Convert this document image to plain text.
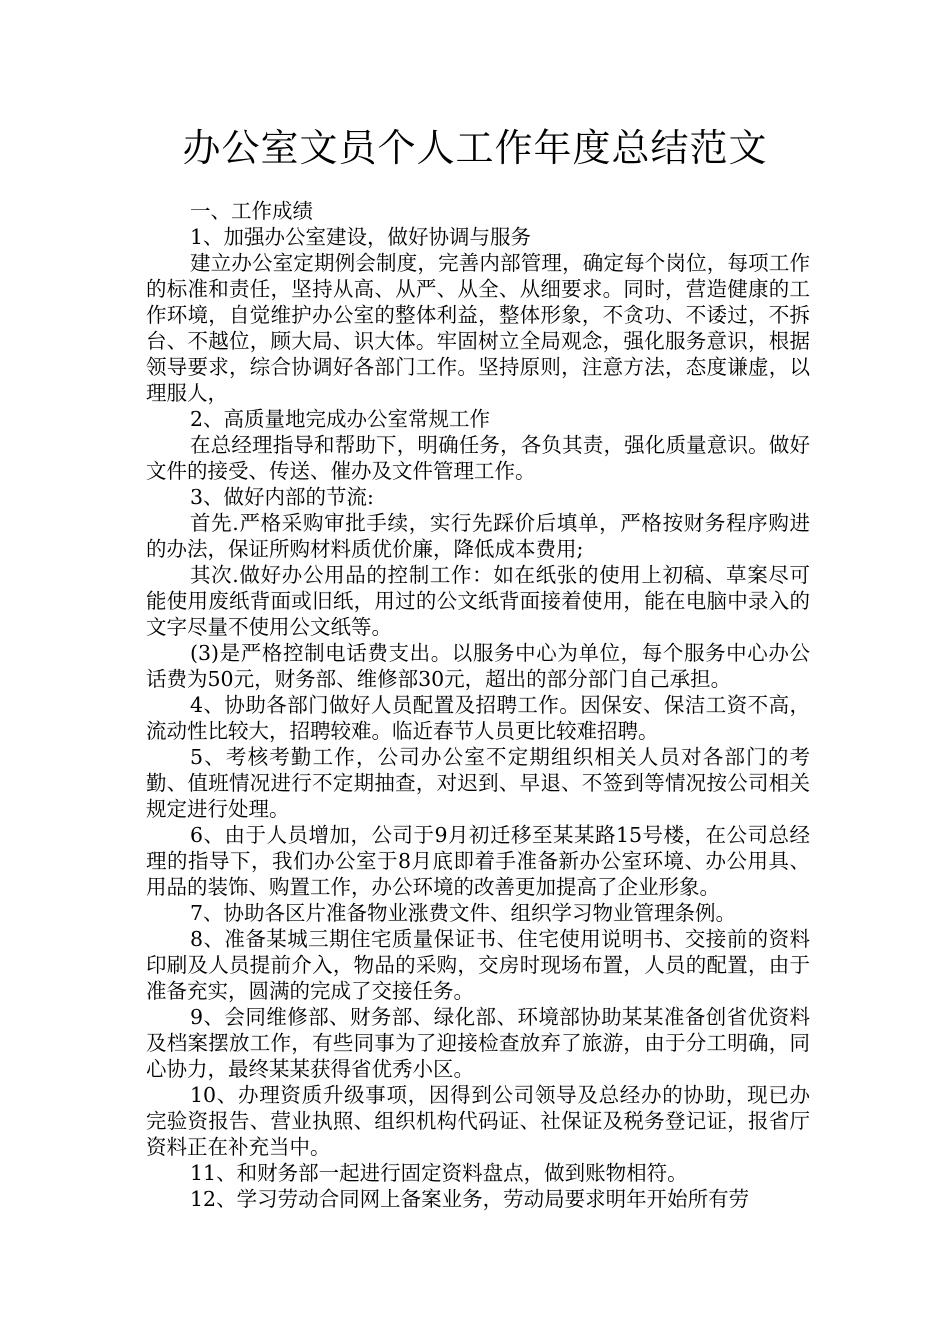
办公室文员个人工作年度总结范文

一、工作成绩

1、加强办公室建设，做好协调与服务

建立办公室定期例会制度，完善内部管理，确定每个岗位，每项工作的标准和责任，坚持从高、从严、从全、从细要求。同时，营造健康的工作环境，自觉维护办公室的整体利益，整体形象，不贪功、不诿过，不拆台、不越位，顾大局、识大体。牢固树立全局观念，强化服务意识，根据领导要求，综合协调好各部门工作。坚持原则，注意方法，态度谦虚，以理服人，

2、高质量地完成办公室常规工作

在总经理指导和帮助下，明确任务，各负其责，强化质量意识。做好文件的接受、传送、催办及文件管理工作。

3、做好内部的节流:

首先.严格采购审批手续，实行先踩价后填单，严格按财务程序购进的办法，保证所购材料质优价廉，降低成本费用;

其次.做好办公用品的控制工作：如在纸张的使用上初稿、草案尽可能使用废纸背面或旧纸，用过的公文纸背面接着使用，能在电脑中录入的文字尽量不使用公文纸等。

(3)是严格控制电话费支出。以服务中心为单位，每个服务中心办公话费为50元，财务部、维修部30元，超出的部分部门自己承担。

4、协助各部门做好人员配置及招聘工作。因保安、保洁工资不高，流动性比较大，招聘较难。临近春节人员更比较难招聘。

5、考核考勤工作，公司办公室不定期组织相关人员对各部门的考勤、值班情况进行不定期抽查，对迟到、早退、不签到等情况按公司相关规定进行处理。

6、由于人员增加，公司于9月初迁移至某某路15号楼，在公司总经理的指导下，我们办公室于8月底即着手准备新办公室环境、办公用具、用品的装饰、购置工作，办公环境的改善更加提高了企业形象。

7、协助各区片准备物业涨费文件、组织学习物业管理条例。

8、准备某城三期住宅质量保证书、住宅使用说明书、交接前的资料印刷及人员提前介入，物品的采购，交房时现场布置，人员的配置，由于准备充实，圆满的完成了交接任务。

9、会同维修部、财务部、绿化部、环境部协助某某准备创省优资料及档案摆放工作，有些同事为了迎接检查放弃了旅游，由于分工明确，同心协力，最终某某获得省优秀小区。

10、办理资质升级事项，因得到公司领导及总经办的协助，现已办完验资报告、营业执照、组织机构代码证、社保证及税务登记证，报省厅资料正在补充当中。

11、和财务部一起进行固定资料盘点，做到账物相符。

12、学习劳动合同网上备案业务，劳动局要求明年开始所有劳
